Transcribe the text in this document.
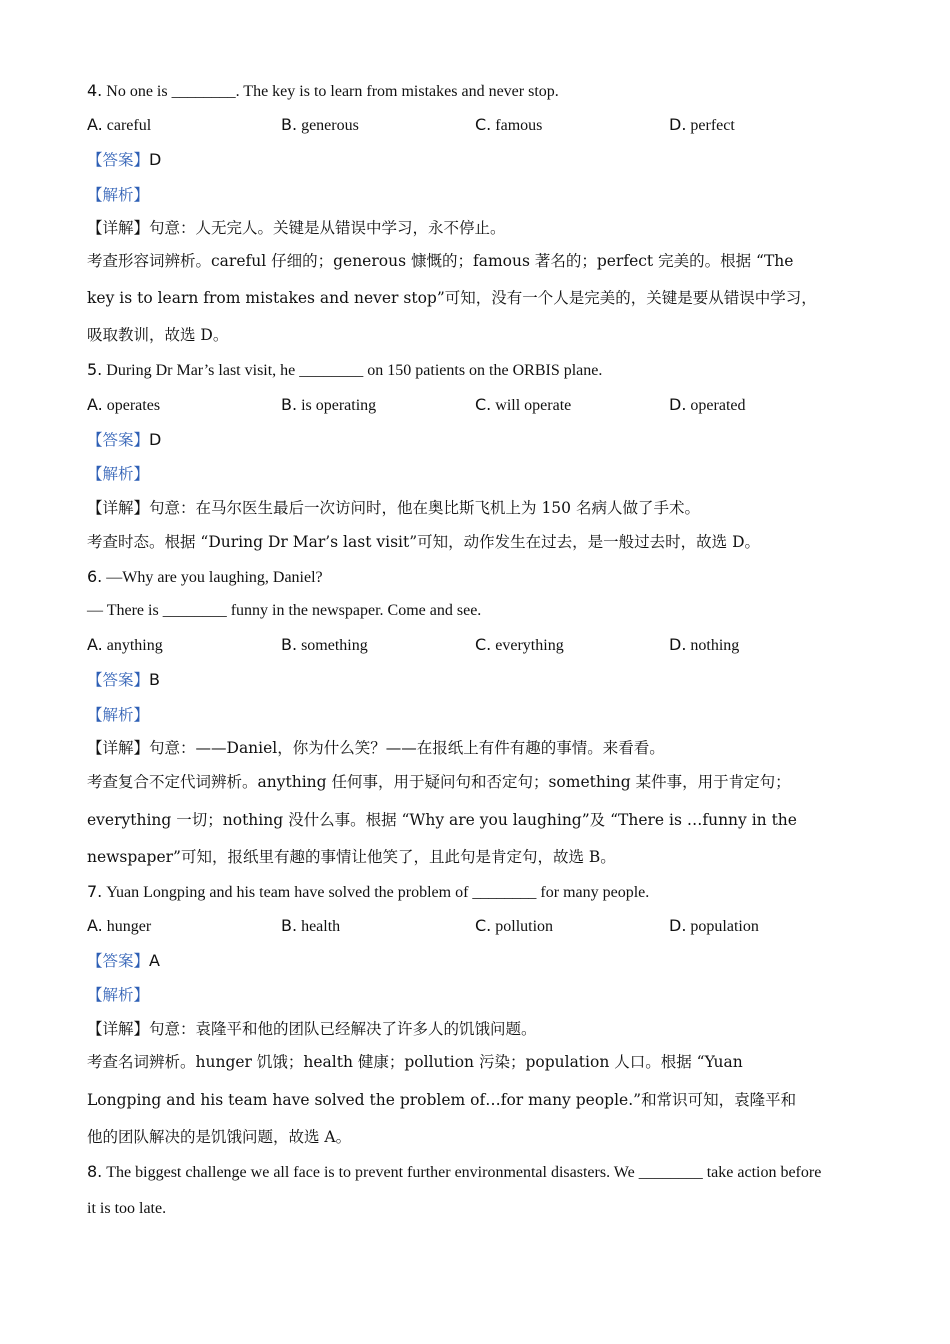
4. No one is ________. The key is to learn from mistakes and never stop.
A. careful	B. generous	C. famous	D. perfect
【答案】D
【解析】
【详解】句意：人无完人。关键是从错误中学习，永不停止。
考查形容词辨析。careful 仔细的；generous 慷慨的；famous 著名的；perfect 完美的。根据 “The
key is to learn from mistakes and never stop”可知，没有一个人是完美的，关键是要从错误中学习，
吸取教训，故选 D。
5. During Dr Mar’s last visit, he ________ on 150 patients on the ORBIS plane.
A. operates	B. is operating	C. will operate	D. operated
【答案】D
【解析】
【详解】句意：在马尔医生最后一次访问时，他在奥比斯飞机上为 150 名病人做了手术。
考查时态。根据 “During Dr Mar’s last visit”可知，动作发生在过去，是一般过去时，故选 D。
6. —Why are you laughing, Daniel?
— There is ________ funny in the newspaper. Come and see.
A. anything	B. something	C. everything	D. nothing
【答案】B
【解析】
【详解】句意：——Daniel，你为什么笑？——在报纸上有件有趣的事情。来看看。
考查复合不定代词辨析。anything 任何事，用于疑问句和否定句；something 某件事，用于肯定句；
everything 一切；nothing 没什么事。根据 “Why are you laughing”及 “There is …funny in the
newspaper”可知，报纸里有趣的事情让他笑了，且此句是肯定句，故选 B。
7. Yuan Longping and his team have solved the problem of ________ for many people.
A. hunger	B. health	C. pollution	D. population
【答案】A
【解析】
【详解】句意：袁隆平和他的团队已经解决了许多人的饥饿问题。
考查名词辨析。hunger 饥饿；health 健康；pollution 污染；population 人口。根据 “Yuan
Longping and his team have solved the problem of…for many people.”和常识可知，袁隆平和
他的团队解决的是饥饿问题，故选 A。
8. The biggest challenge we all face is to prevent further environmental disasters. We ________ take action before
it is too late.
